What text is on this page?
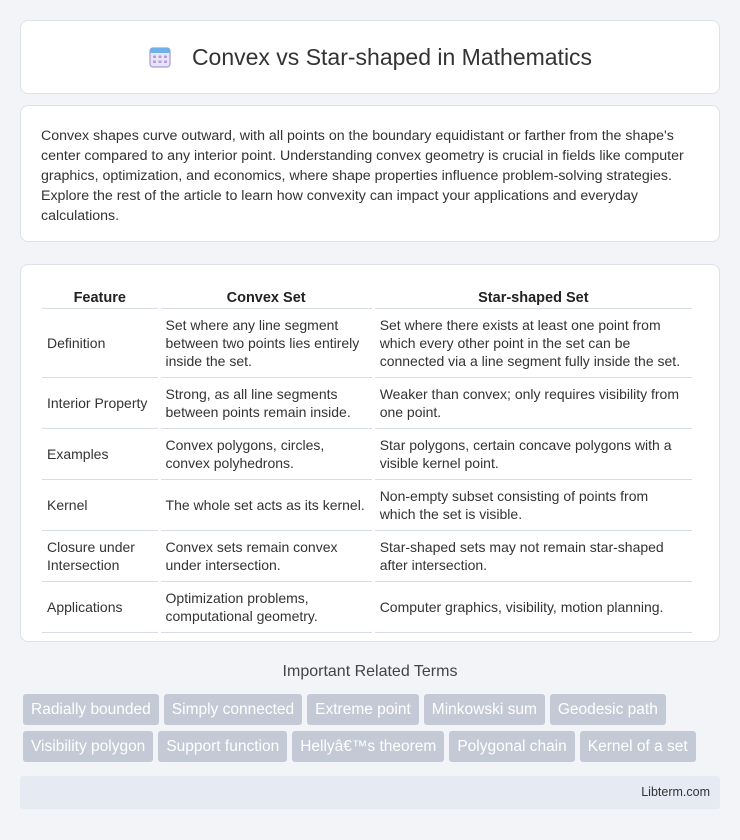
Convex vs Star-shaped in Mathematics

Convex shapes curve outward, with all points on the boundary equidistant or farther from the shape's center compared to any interior point. Understanding convex geometry is crucial in fields like computer graphics, optimization, and economics, where shape properties influence problem-solving strategies. Explore the rest of the article to learn how convexity can impact your applications and everyday calculations.

Feature	Convex Set	Star-shaped Set
Definition	Set where any line segment between two points lies entirely inside the set.	Set where there exists at least one point from which every other point in the set can be connected via a line segment fully inside the set.
Interior Property	Strong, as all line segments between points remain inside.	Weaker than convex; only requires visibility from one point.
Examples	Convex polygons, circles, convex polyhedrons.	Star polygons, certain concave polygons with a visible kernel point.
Kernel	The whole set acts as its kernel.	Non-empty subset consisting of points from which the set is visible.
Closure under Intersection	Convex sets remain convex under intersection.	Star-shaped sets may not remain star-shaped after intersection.
Applications	Optimization problems, computational geometry.	Computer graphics, visibility, motion planning.
Important Related Terms
Radially bounded Simply connected Extreme point Minkowski sum Geodesic path
Visibility polygon Support function Hellyâ€™s theorem Polygonal chain Kernel of a set
Libterm.com
